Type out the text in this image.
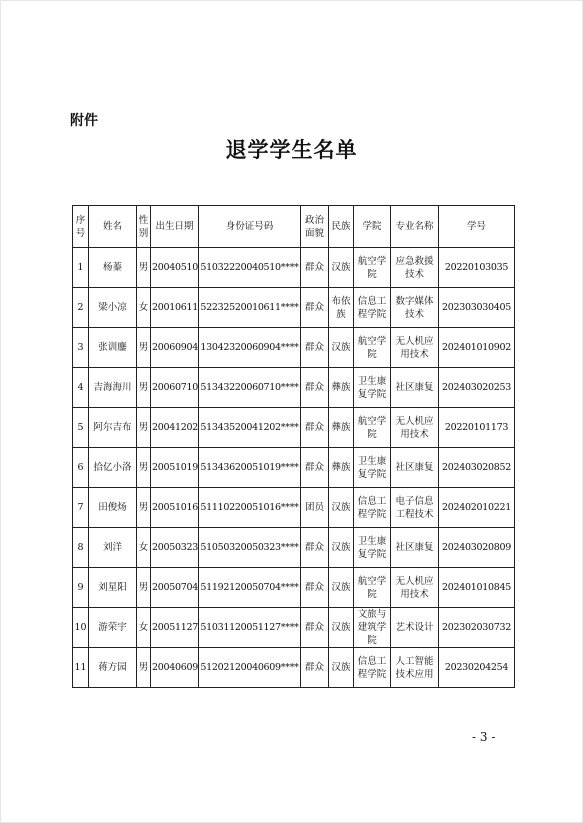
附件
退学学生名单
序号	姓名	性别	出生日期	身份证号码	政治面貌	民族	学院	专业名称	学号
1	杨蓁	男	20040510	51032220040510****	群众	汉族	航空学院	应急救援技术	20220103035
2	梁小凉	女	20010611	52232520010611****	群众	布依族	信息工程学院	数字媒体技术	202303030405
3	张训鏖	男	20060904	13042320060904****	群众	汉族	航空学院	无人机应用技术	202401010902
4	吉海海川	男	20060710	51343220060710****	群众	彝族	卫生康复学院	社区康复	202403020253
5	阿尔吉布	男	20041202	51343520041202****	群众	彝族	航空学院	无人机应用技术	20220101173
6	拾亿小洛	男	20051019	51343620051019****	群众	彝族	卫生康复学院	社区康复	202403020852
7	田俊炀	男	20051016	51110220051016****	团员	汉族	信息工程学院	电子信息工程技术	202402010221
8	刘洋	女	20050323	51050320050323****	群众	汉族	卫生康复学院	社区康复	202403020809
9	刘星阳	男	20050704	51192120050704****	群众	汉族	航空学院	无人机应用技术	202401010845
10	游荣宇	女	20051127	51031120051127****	群众	汉族	文旅与建筑学院	艺术设计	202302030732
11	蒋方园	男	20040609	51202120040609****	群众	汉族	信息工程学院	人工智能技术应用	20230204254
- 3 -
